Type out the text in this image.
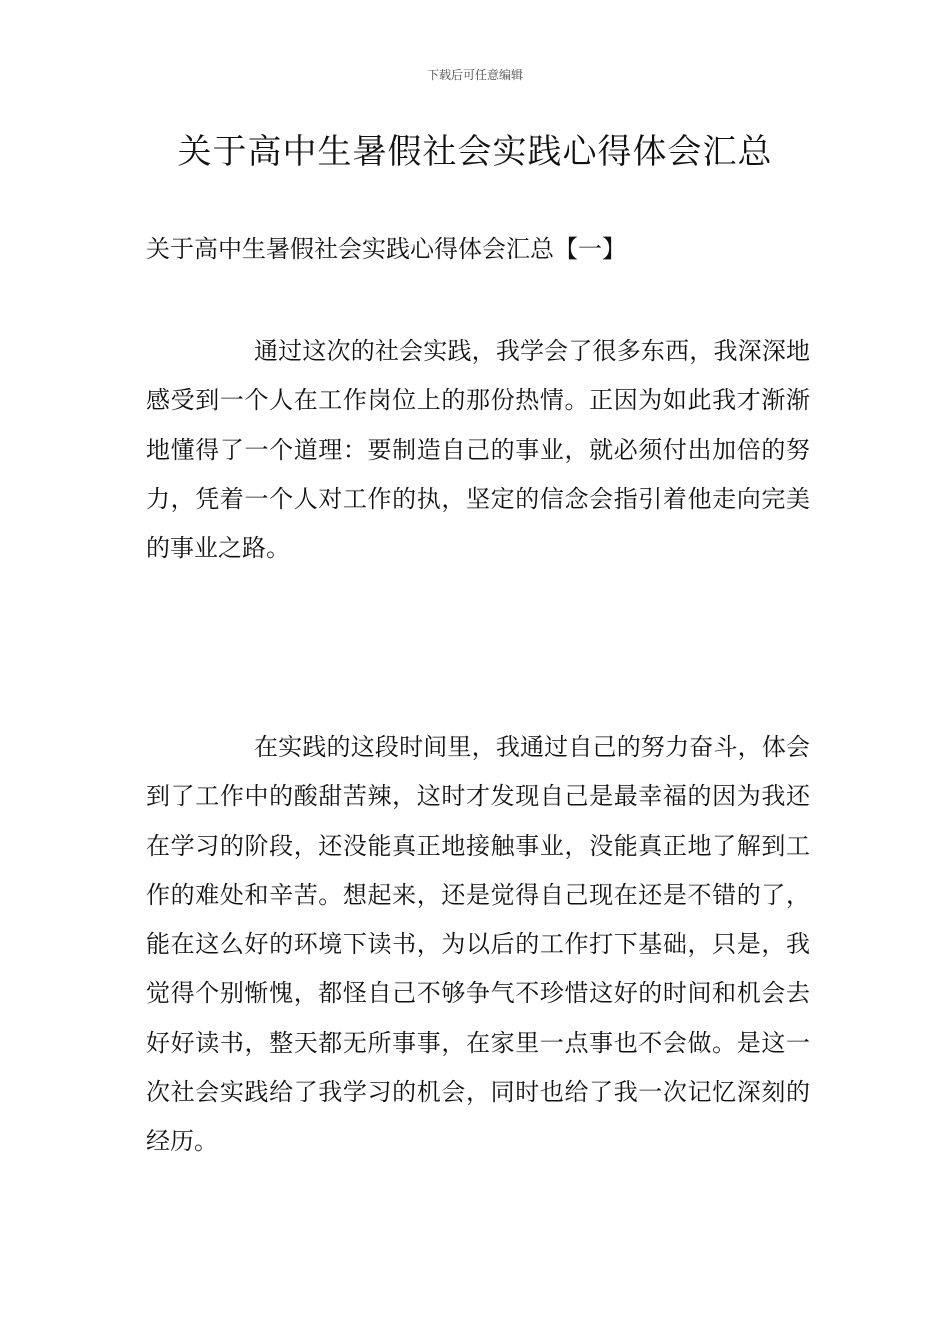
下载后可任意编辑
关于高中生暑假社会实践心得体会汇总
关于高中生暑假社会实践心得体会汇总【一】

通过这次的社会实践，我学会了很多东西，我深深地感受到一个人在工作岗位上的那份热情。正因为如此我才渐渐地懂得了一个道理：要制造自己的事业，就必须付出加倍的努力，凭着一个人对工作的执，坚定的信念会指引着他走向完美的事业之路。

在实践的这段时间里，我通过自己的努力奋斗，体会到了工作中的酸甜苦辣，这时才发现自己是最幸福的因为我还在学习的阶段，还没能真正地接触事业，没能真正地了解到工作的难处和辛苦。想起来，还是觉得自己现在还是不错的了，能在这么好的环境下读书，为以后的工作打下基础，只是，我觉得个别惭愧，都怪自己不够争气不珍惜这好的时间和机会去好好读书，整天都无所事事，在家里一点事也不会做。是这一次社会实践给了我学习的机会，同时也给了我一次记忆深刻的经历。
